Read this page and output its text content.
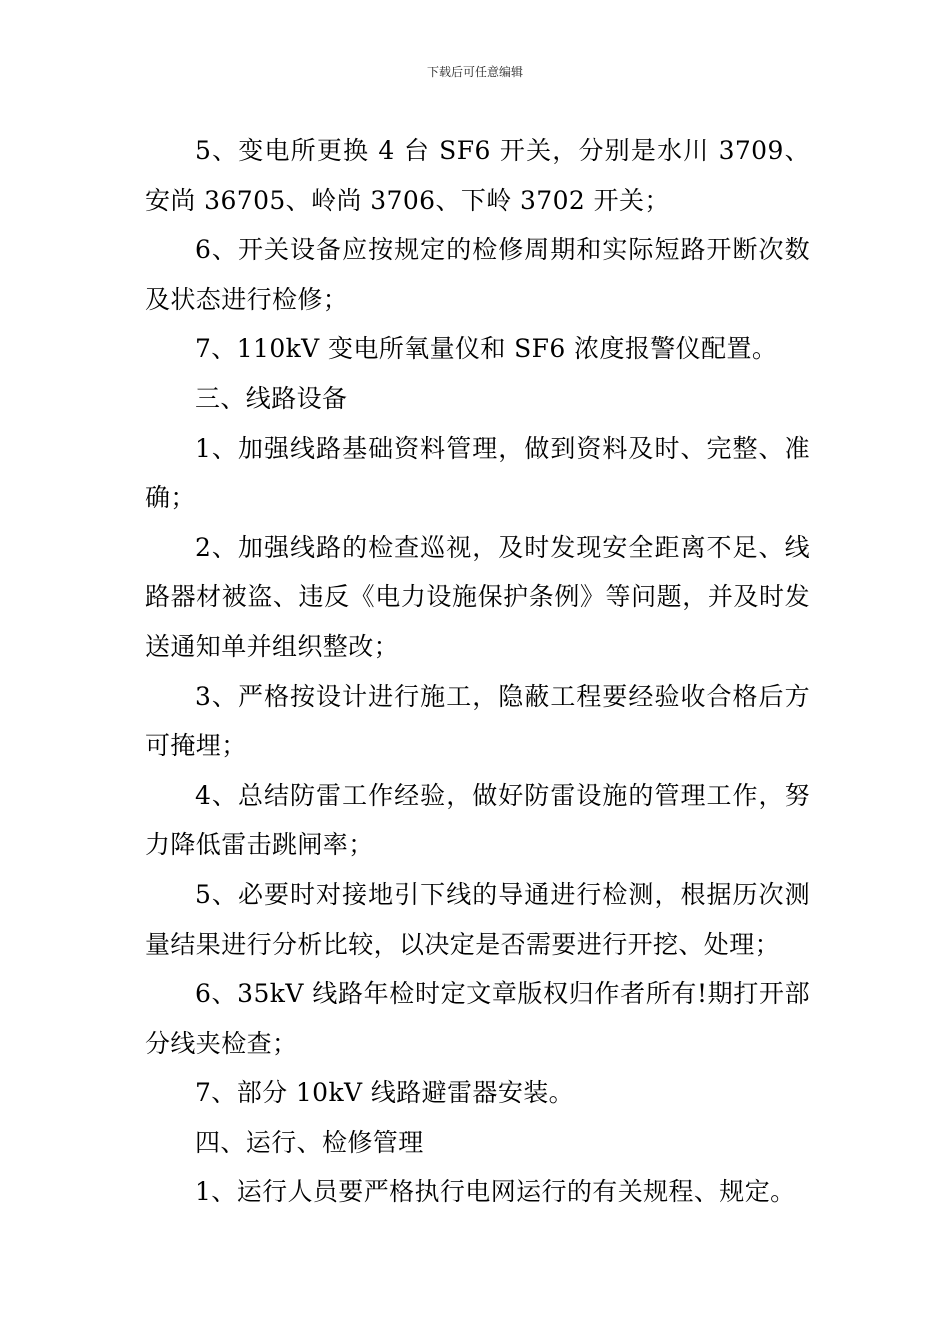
下载后可任意编辑

5、变电所更换 4 台 SF6 开关，分别是水川 3709、安尚 36705、岭尚 3706、下岭 3702 开关；

6、开关设备应按规定的检修周期和实际短路开断次数及状态进行检修；

7、110kV 变电所氧量仪和 SF6 浓度报警仪配置。

三、线路设备

1、加强线路基础资料管理，做到资料及时、完整、准确；

2、加强线路的检查巡视，及时发现安全距离不足、线路器材被盗、违反《电力设施保护条例》等问题，并及时发送通知单并组织整改；

3、严格按设计进行施工，隐蔽工程要经验收合格后方可掩埋；

4、总结防雷工作经验，做好防雷设施的管理工作，努力降低雷击跳闸率；

5、必要时对接地引下线的导通进行检测，根据历次测量结果进行分析比较，以决定是否需要进行开挖、处理；

6、35kV 线路年检时定文章版权归作者所有!期打开部分线夹检查；

7、部分 10kV 线路避雷器安装。

四、运行、检修管理

1、运行人员要严格执行电网运行的有关规程、规定。
